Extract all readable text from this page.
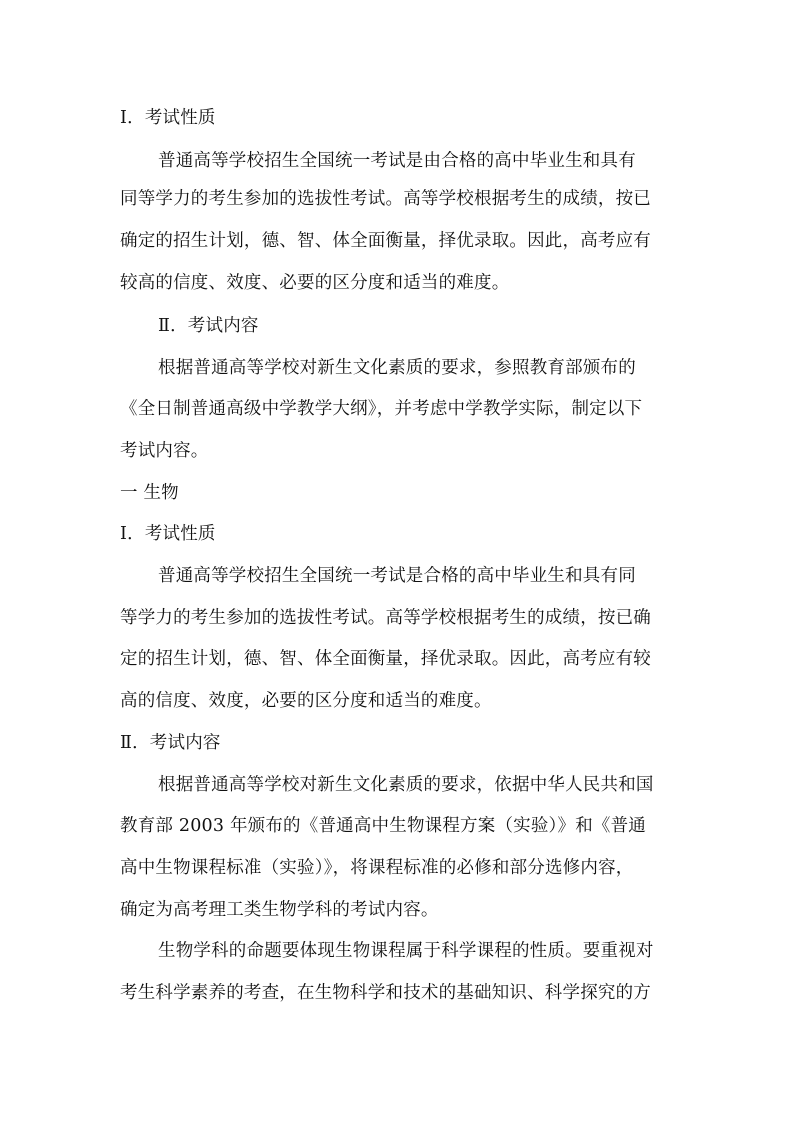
Ⅰ．考试性质
普通高等学校招生全国统一考试是由合格的高中毕业生和具有
同等学力的考生参加的选拔性考试。高等学校根据考生的成绩，按已
确定的招生计划，德、智、体全面衡量，择优录取。因此，高考应有
较高的信度、效度、必要的区分度和适当的难度。
Ⅱ．考试内容
根据普通高等学校对新生文化素质的要求，参照教育部颁布的
《全日制普通高级中学教学大纲》，并考虑中学教学实际，制定以下
考试内容。
一 生物
Ⅰ．考试性质
普通高等学校招生全国统一考试是合格的高中毕业生和具有同
等学力的考生参加的选拔性考试。高等学校根据考生的成绩，按已确
定的招生计划，德、智、体全面衡量，择优录取。因此，高考应有较
高的信度、效度，必要的区分度和适当的难度。
Ⅱ．考试内容
根据普通高等学校对新生文化素质的要求，依据中华人民共和国
教育部 2003 年颁布的《普通高中生物课程方案（实验）》和《普通
高中生物课程标准（实验）》，将课程标准的必修和部分选修内容，
确定为高考理工类生物学科的考试内容。
生物学科的命题要体现生物课程属于科学课程的性质。要重视对
考生科学素养的考查，在生物科学和技术的基础知识、科学探究的方
